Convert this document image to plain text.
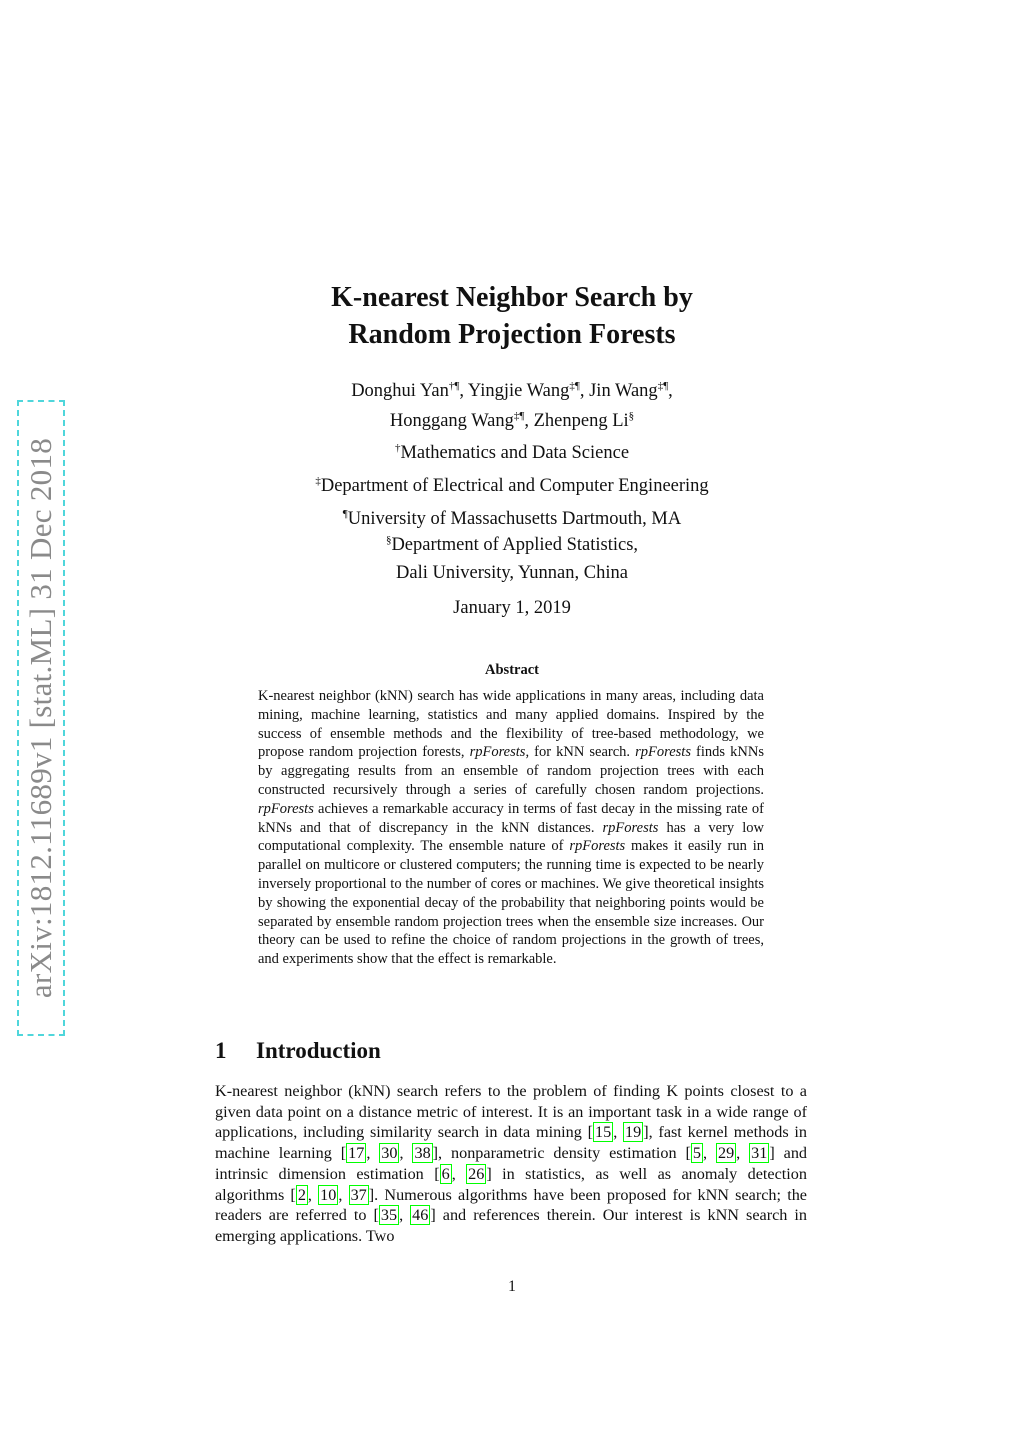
arXiv:1812.11689v1 [stat.ML] 31 Dec 2018
K-nearest Neighbor Search by
Random Projection Forests
Donghui Yan†¶, Yingjie Wang‡¶, Jin Wang‡¶,
Honggang Wang‡¶, Zhenpeng Li§
†Mathematics and Data Science
‡Department of Electrical and Computer Engineering
¶University of Massachusetts Dartmouth, MA
§Department of Applied Statistics,
Dali University, Yunnan, China
January 1, 2019
Abstract
K-nearest neighbor (kNN) search has wide applications in many areas, including data mining, machine learning, statistics and many applied domains. Inspired by the success of ensemble methods and the flexibility of tree-based methodology, we propose random projection forests, rpForests, for kNN search. rpForests finds kNNs by aggregating results from an ensemble of random projection trees with each constructed recursively through a series of carefully chosen random projections. rpForests achieves a remarkable accuracy in terms of fast decay in the missing rate of kNNs and that of discrepancy in the kNN distances. rpForests has a very low computational complexity. The ensemble nature of rpForests makes it easily run in parallel on multicore or clustered computers; the running time is expected to be nearly inversely proportional to the number of cores or machines. We give theoretical insights by showing the exponential decay of the probability that neighboring points would be separated by ensemble random projection trees when the ensemble size increases. Our theory can be used to refine the choice of random projections in the growth of trees, and experiments show that the effect is remarkable.
1 Introduction
K-nearest neighbor (kNN) search refers to the problem of finding K points closest to a given data point on a distance metric of interest. It is an important task in a wide range of applications, including similarity search in data mining [ 15 , 19 ], fast kernel methods in machine learning [ 17 , 30 , 38 ], nonparametric density estimation [ 5 , 29 , 31 ] and intrinsic dimension estimation [ 6 , 26 ] in statistics, as well as anomaly detection algorithms [ 2 , 10 , 37 ]. Numerous algorithms have been proposed for kNN search; the readers are referred to [ 35 , 46 ] and references therein. Our interest is kNN search in emerging applications. Two
1
